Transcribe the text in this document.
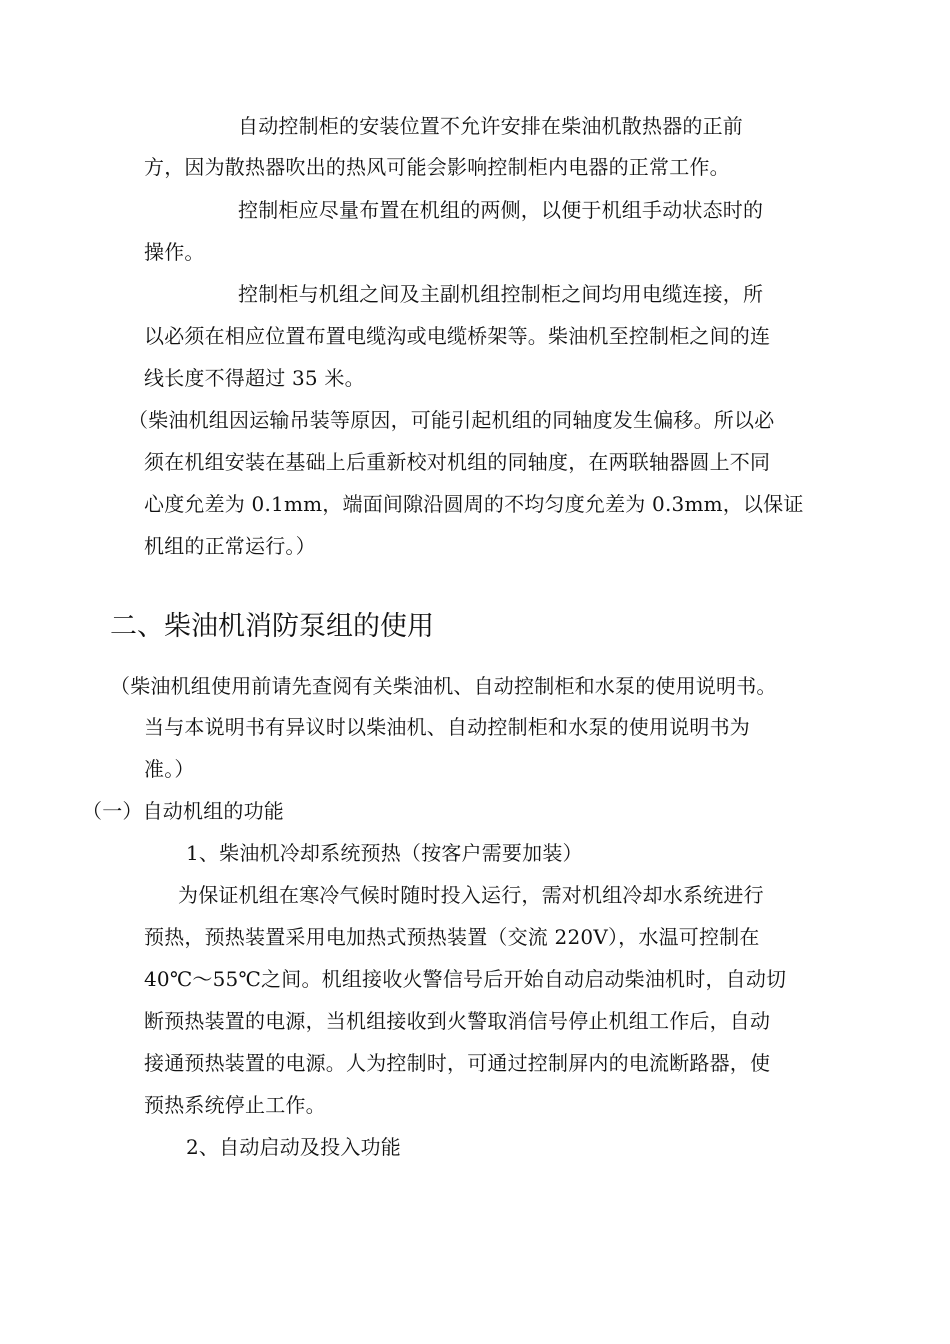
自动控制柜的安装位置不允许安排在柴油机散热器的正前
方，因为散热器吹出的热风可能会影响控制柜内电器的正常工作。
控制柜应尽量布置在机组的两侧，以便于机组手动状态时的
操作。
控制柜与机组之间及主副机组控制柜之间均用电缆连接，所
以必须在相应位置布置电缆沟或电缆桥架等。柴油机至控制柜之间的连
线长度不得超过 35 米。
（柴油机组因运输吊装等原因，可能引起机组的同轴度发生偏移。所以必
须在机组安装在基础上后重新校对机组的同轴度，在两联轴器圆上不同
心度允差为 0.1mm，端面间隙沿圆周的不均匀度允差为 0.3mm，以保证
机组的正常运行。）
二、柴油机消防泵组的使用
（柴油机组使用前请先查阅有关柴油机、自动控制柜和水泵的使用说明书。
当与本说明书有异议时以柴油机、自动控制柜和水泵的使用说明书为
准。）
（一）自动机组的功能
1、柴油机冷却系统预热（按客户需要加装）
为保证机组在寒冷气候时随时投入运行，需对机组冷却水系统进行
预热，预热装置采用电加热式预热装置（交流 220V），水温可控制在
40℃～55℃之间。机组接收火警信号后开始自动启动柴油机时，自动切
断预热装置的电源，当机组接收到火警取消信号停止机组工作后，自动
接通预热装置的电源。人为控制时，可通过控制屏内的电流断路器，使
预热系统停止工作。
2、自动启动及投入功能
